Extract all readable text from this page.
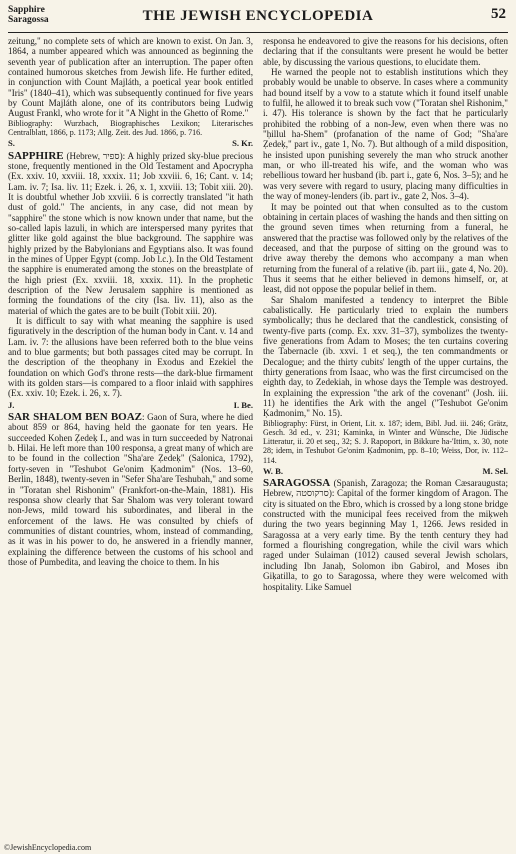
Sapphire
Saragossa	THE JEWISH ENCYCLOPEDIA	52

zeitung," no complete sets of which are known to exist. On Jan. 3, 1864, a number appeared which was announced as beginning the seventh year of publication after an interruption. The paper often contained humorous sketches from Jewish life. He further edited, in conjunction with Count Majláth, a poetical year book entitled "Iris" (1840–41), which was subsequently continued for five years by Count Majláth alone, one of its contributors being Ludwig August Frankl, who wrote for it "A Night in the Ghetto of Rome."

Bibliography: Wurzbach, Biographisches Lexikon; Literarisches Centralblatt, 1866, p. 1173; Allg. Zeit. des Jud. 1866, p. 716.

S.	S. Kr.

SAPPHIRE (Hebrew, ספיר): A highly prized sky-blue precious stone, frequently mentioned in the Old Testament and Apocrypha (Ex. xxiv. 10, xxviii. 18, xxxix. 11; Job xxviii. 6, 16; Cant. v. 14; Lam. iv. 7; Isa. liv. 11; Ezek. i. 26, x. 1, xxviii. 13; Tobit xiii. 20). It is doubtful whether Job xxviii. 6 is correctly translated "it hath dust of gold." The ancients, in any case, did not mean by "sapphire" the stone which is now known under that name, but the so-called lapis lazuli, in which are interspersed many pyrites that glitter like gold against the blue background. The sapphire was highly prized by the Babylonians and Egyptians also. It was found in the mines of Upper Egypt (comp. Job l.c.). In the Old Testament the sapphire is enumerated among the stones on the breastplate of the high priest (Ex. xxviii. 18, xxxix. 11). In the prophetic description of the New Jerusalem sapphire is mentioned as forming the foundations of the city (Isa. liv. 11), also as the material of which the gates are to be built (Tobit xiii. 20).

It is difficult to say with what meaning the sapphire is used figuratively in the description of the human body in Cant. v. 14 and Lam. iv. 7: the allusions have been referred both to the blue veins and to blue garments; but both passages cited may be corrupt. In the description of the theophany in Exodus and Ezekiel the foundation on which God's throne rests—the dark-blue firmament with its golden stars—is compared to a floor inlaid with sapphires (Ex. xxiv. 10; Ezek. i. 26, x. 7).

J.	I. Be.

SAR SHALOM BEN BOAZ: Gaon of Sura, where he died about 859 or 864, having held the gaonate for ten years. He succeeded Kohen Ẓedeḳ I., and was in turn succeeded by Naṭronai b. Hilai. He left more than 100 responsa, a great many of which are to be found in the collection "Sha'are Ẓedeḳ" (Salonica, 1792), forty-seven in "Teshubot Ge'onim Ḳadmonim" (Nos. 13–60, Berlin, 1848), twenty-seven in "Sefer Sha'are Teshubah," and some in "Toratan shel Rishonim" (Frankfort-on-the-Main, 1881). His responsa show clearly that Sar Shalom was very tolerant toward non-Jews, mild toward his subordinates, and liberal in the enforcement of the laws. He was consulted by chiefs of communities of distant countries, whom, instead of commanding, as it was in his power to do, he answered in a friendly manner, explaining the difference between the customs of his school and those of Pumbedita, and leaving the choice to them. In his

responsa he endeavored to give the reasons for his decisions, often declaring that if the consultants were present he would be better able, by discussing the various questions, to elucidate them.

He warned the people not to establish institutions which they probably would be unable to observe. In cases where a community had bound itself by a vow to a statute which it found itself unable to fulfil, he allowed it to break such vow ("Toratan shel Rishonim," i. 47). His tolerance is shown by the fact that he particularly prohibited the robbing of a non-Jew, even when there was no "ḥillul ha-Shem" (profanation of the name of God; "Sha'are Ẓedeḳ," part iv., gate 1, No. 7). But although of a mild disposition, he insisted upon punishing severely the man who struck another man, or who ill-treated his wife, and the woman who was rebellious toward her husband (ib. part i., gate 6, Nos. 3–5); and he was very severe with regard to usury, placing many difficulties in the way of money-lenders (ib. part iv., gate 2, Nos. 3–4).

It may be pointed out that when consulted as to the custom obtaining in certain places of washing the hands and then sitting on the ground seven times when returning from a funeral, he answered that the practise was followed only by the relatives of the deceased, and that the purpose of sitting on the ground was to drive away thereby the demons who accompany a man when returning from the funeral of a relative (ib. part iii., gate 4, No. 20). Thus it seems that he either believed in demons himself, or, at least, did not oppose the popular belief in them.

Sar Shalom manifested a tendency to interpret the Bible cabalistically. He particularly tried to explain the numbers symbolically; thus he declared that the candlestick, consisting of twenty-five parts (comp. Ex. xxv. 31–37), symbolizes the twenty-five generations from Adam to Moses; the ten curtains covering the Tabernacle (ib. xxvi. 1 et seq.), the ten commandments or Decalogue; and the thirty cubits' length of the upper curtains, the thirty generations from Isaac, who was the first circumcised on the eighth day, to Zedekiah, in whose days the Temple was destroyed. In explaining the expression "the ark of the covenant" (Josh. iii. 11) he identifies the Ark with the angel ("Teshubot Ge'onim Ḳadmonim," No. 15).

Bibliography: Fürst, in Orient, Lit. x. 187; idem, Bibl. Jud. iii. 246; Grätz, Gesch. 3d ed., v. 231; Kaminka, in Winter and Wünsche, Die Jüdische Litteratur, ii. 20 et seq., 32; S. J. Rapoport, in Bikkure ha-'Ittim, x. 30, note 28; idem, in Teshubot Ge'onim Ḳadmonim, pp. 8–10; Weiss, Dor, iv. 112–114.

W. B.	M. Sel.

SARAGOSSA (Spanish, Zaragoza; the Roman Cæsaraugusta; Hebrew, סרקוסטה): Capital of the former kingdom of Aragon. The city is situated on the Ebro, which is crossed by a long stone bridge constructed with the municipal fees received from the miḳweh during the two years beginning May 1, 1266. Jews resided in Saragossa at a very early time. By the tenth century they had formed a flourishing congregation, while the civil wars which raged under Sulaiman (1012) caused several Jewish scholars, including Ibn Janaḥ, Solomon ibn Gabirol, and Moses ibn Giḳatilla, to go to Saragossa, where they were welcomed with hospitality. Like Samuel

©JewishEncyclopedia.com
